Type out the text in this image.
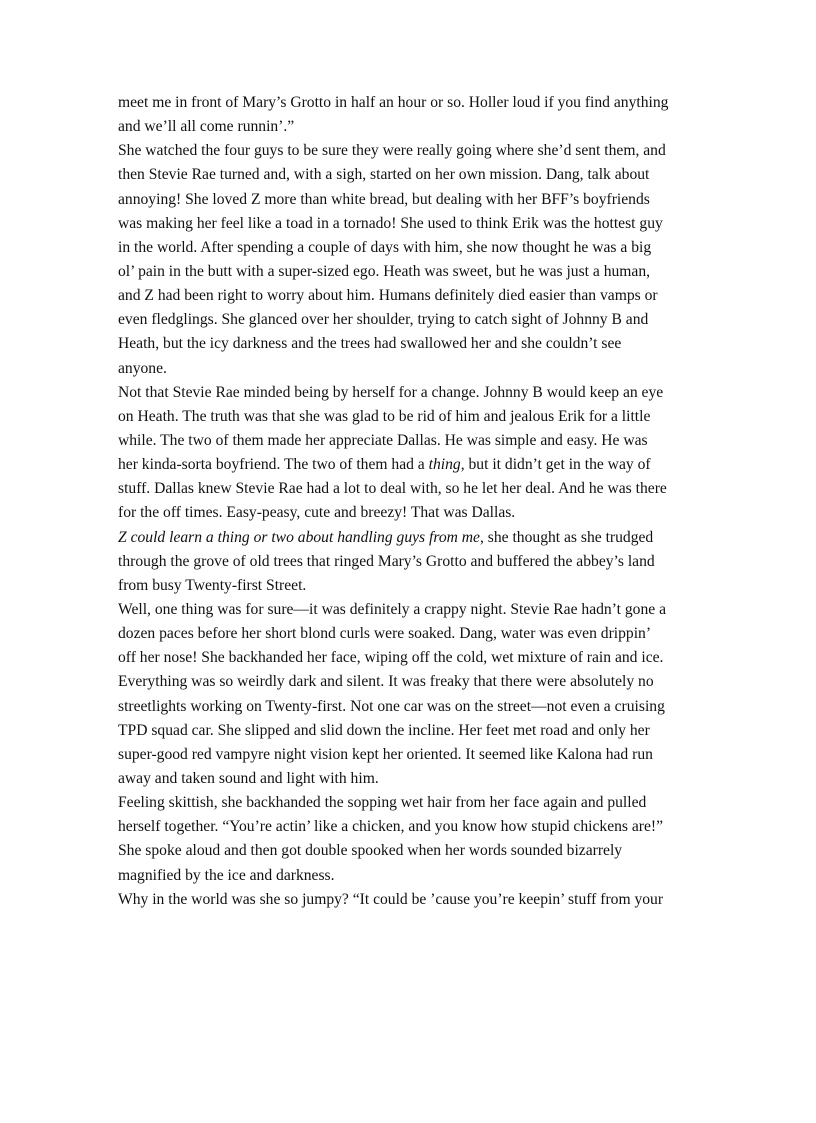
meet me in front of Mary’s Grotto in half an hour or so. Holler loud if you find anything
and we’ll all come runnin’.”
She watched the four guys to be sure they were really going where she’d sent them, and
then Stevie Rae turned and, with a sigh, started on her own mission. Dang, talk about
annoying! She loved Z more than white bread, but dealing with her BFF’s boyfriends
was making her feel like a toad in a tornado! She used to think Erik was the hottest guy
in the world. After spending a couple of days with him, she now thought he was a big
ol’ pain in the butt with a super-sized ego. Heath was sweet, but he was just a human,
and Z had been right to worry about him. Humans definitely died easier than vamps or
even fledglings. She glanced over her shoulder, trying to catch sight of Johnny B and
Heath, but the icy darkness and the trees had swallowed her and she couldn’t see
anyone.
Not that Stevie Rae minded being by herself for a change. Johnny B would keep an eye
on Heath. The truth was that she was glad to be rid of him and jealous Erik for a little
while. The two of them made her appreciate Dallas. He was simple and easy. He was
her kinda-sorta boyfriend. The two of them had a thing, but it didn’t get in the way of
stuff. Dallas knew Stevie Rae had a lot to deal with, so he let her deal. And he was there
for the off times. Easy-peasy, cute and breezy! That was Dallas.
Z could learn a thing or two about handling guys from me, she thought as she trudged
through the grove of old trees that ringed Mary’s Grotto and buffered the abbey’s land
from busy Twenty-first Street.
Well, one thing was for sure—it was definitely a crappy night. Stevie Rae hadn’t gone a
dozen paces before her short blond curls were soaked. Dang, water was even drippin’
off her nose! She backhanded her face, wiping off the cold, wet mixture of rain and ice.
Everything was so weirdly dark and silent. It was freaky that there were absolutely no
streetlights working on Twenty-first. Not one car was on the street—not even a cruising
TPD squad car. She slipped and slid down the incline. Her feet met road and only her
super-good red vampyre night vision kept her oriented. It seemed like Kalona had run
away and taken sound and light with him.
Feeling skittish, she backhanded the sopping wet hair from her face again and pulled
herself together. “You’re actin’ like a chicken, and you know how stupid chickens are!”
She spoke aloud and then got double spooked when her words sounded bizarrely
magnified by the ice and darkness.
Why in the world was she so jumpy? “It could be ’cause you’re keepin’ stuff from your
